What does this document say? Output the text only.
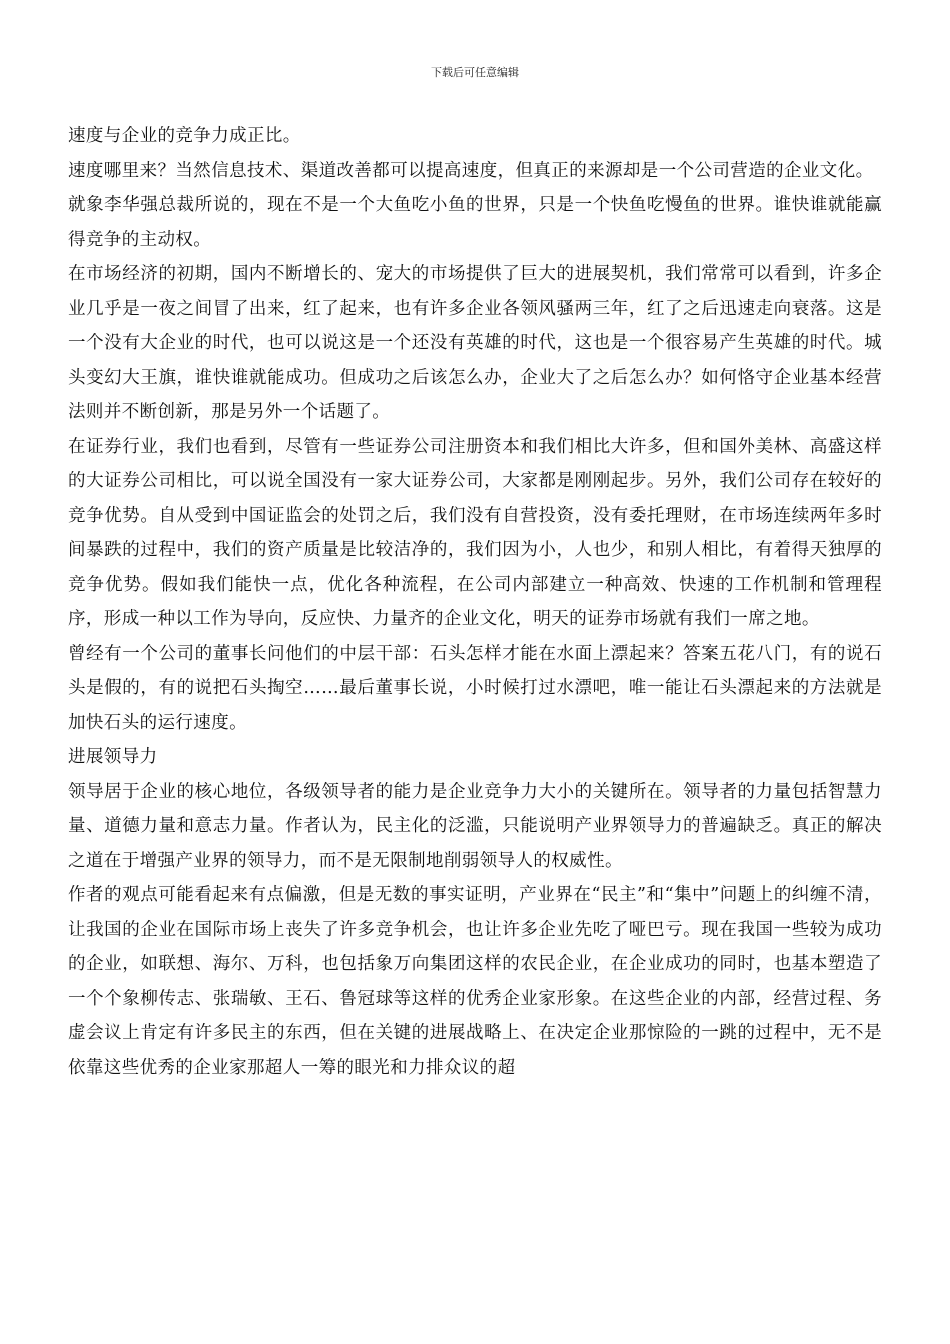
下载后可任意编辑

速度与企业的竞争力成正比。

速度哪里来？当然信息技术、渠道改善都可以提高速度，但真正的来源却是一个公司营造的企业文化。

就象李华强总裁所说的，现在不是一个大鱼吃小鱼的世界，只是一个快鱼吃慢鱼的世界。谁快谁就能赢得竞争的主动权。

在市场经济的初期，国内不断增长的、宠大的市场提供了巨大的进展契机，我们常常可以看到，许多企业几乎是一夜之间冒了出来，红了起来，也有许多企业各领风骚两三年，红了之后迅速走向衰落。这是一个没有大企业的时代，也可以说这是一个还没有英雄的时代，这也是一个很容易产生英雄的时代。城头变幻大王旗，谁快谁就能成功。但成功之后该怎么办，企业大了之后怎么办？如何恪守企业基本经营法则并不断创新，那是另外一个话题了。

在证券行业，我们也看到，尽管有一些证券公司注册资本和我们相比大许多，但和国外美林、高盛这样的大证券公司相比，可以说全国没有一家大证券公司，大家都是刚刚起步。另外，我们公司存在较好的竞争优势。自从受到中国证监会的处罚之后，我们没有自营投资，没有委托理财，在市场连续两年多时间暴跌的过程中，我们的资产质量是比较洁净的，我们因为小，人也少，和别人相比，有着得天独厚的竞争优势。假如我们能快一点，优化各种流程，在公司内部建立一种高效、快速的工作机制和管理程序，形成一种以工作为导向，反应快、力量齐的企业文化，明天的证券市场就有我们一席之地。

曾经有一个公司的董事长问他们的中层干部：石头怎样才能在水面上漂起来？答案五花八门，有的说石头是假的，有的说把石头掏空……最后董事长说，小时候打过水漂吧，唯一能让石头漂起来的方法就是加快石头的运行速度。

进展领导力

领导居于企业的核心地位，各级领导者的能力是企业竞争力大小的关键所在。领导者的力量包括智慧力量、道德力量和意志力量。作者认为，民主化的泛滥，只能说明产业界领导力的普遍缺乏。真正的解决之道在于增强产业界的领导力，而不是无限制地削弱领导人的权威性。

作者的观点可能看起来有点偏激，但是无数的事实证明，产业界在“民主”和“集中”问题上的纠缠不清，让我国的企业在国际市场上丧失了许多竞争机会，也让许多企业先吃了哑巴亏。现在我国一些较为成功的企业，如联想、海尔、万科，也包括象万向集团这样的农民企业，在企业成功的同时，也基本塑造了一个个象柳传志、张瑞敏、王石、鲁冠球等这样的优秀企业家形象。在这些企业的内部，经营过程、务虚会议上肯定有许多民主的东西，但在关键的进展战略上、在决定企业那惊险的一跳的过程中，无不是依靠这些优秀的企业家那超人一筹的眼光和力排众议的超
